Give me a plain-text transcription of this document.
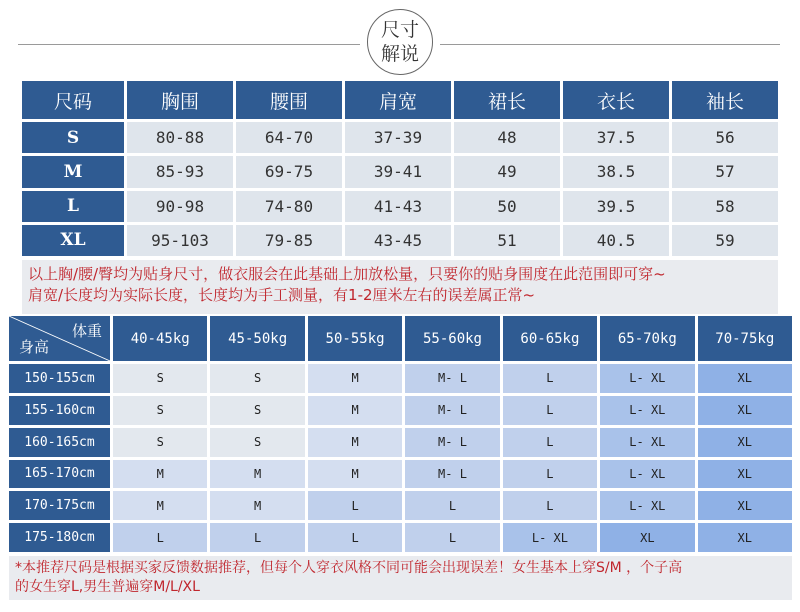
尺寸
解说
尺码	胸围	腰围	肩宽	裙长	衣长	袖长
S	80-88	64-70	37-39	48	37.5	56
M	85-93	69-75	39-41	49	38.5	57
L	90-98	74-80	41-43	50	39.5	58
XL	95-103	79-85	43-45	51	40.5	59
以上胸/腰/臀均为贴身尺寸，做衣服会在此基础上加放松量，只要你的贴身围度在此范围即可穿~
肩宽/长度均为实际长度，长度均为手工测量，有1-2厘米左右的误差属正常~
体重
身高	40-45kg	45-50kg	50-55kg	55-60kg	60-65kg	65-70kg	70-75kg
150-155cm	S	S	M	M- L	L	L- XL	XL
155-160cm	S	S	M	M- L	L	L- XL	XL
160-165cm	S	S	M	M- L	L	L- XL	XL
165-170cm	M	M	M	M- L	L	L- XL	XL
170-175cm	M	M	L	L	L	L- XL	XL
175-180cm	L	L	L	L	L- XL	XL	XL
*本推荐尺码是根据买家反馈数据推荐，但每个人穿衣风格不同可能会出现误差！女生基本上穿S/M ，个子高
的女生穿L,男生普遍穿M/L/XL
